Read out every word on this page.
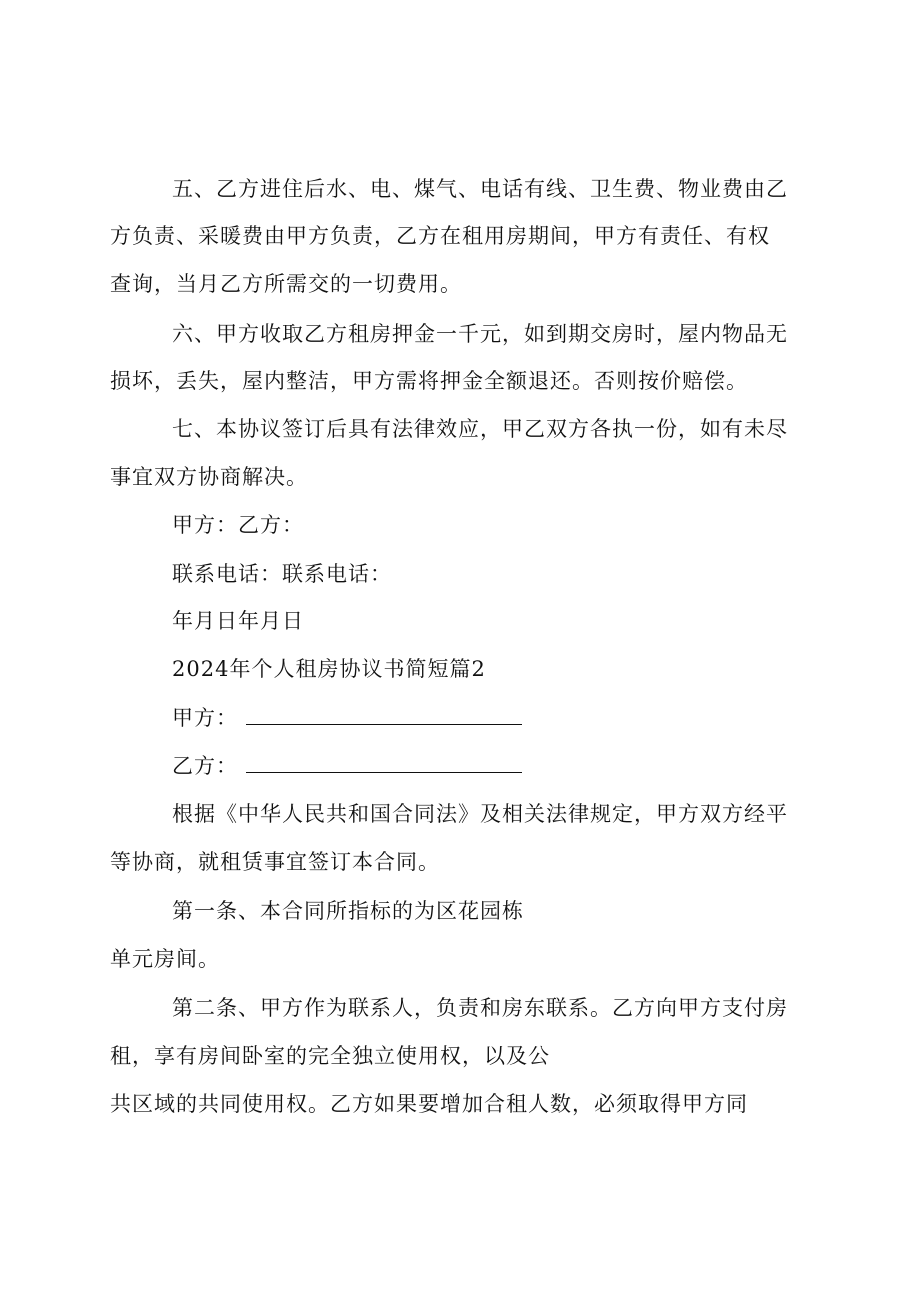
五、乙方进住后水、电、煤气、电话有线、卫生费、物业费由乙
方负责、采暖费由甲方负责，乙方在租用房期间，甲方有责任、有权
查询，当月乙方所需交的一切费用。
六、甲方收取乙方租房押金一千元，如到期交房时，屋内物品无
损坏，丢失，屋内整洁，甲方需将押金全额退还。否则按价赔偿。
七、本协议签订后具有法律效应，甲乙双方各执一份，如有未尽
事宜双方协商解决。
甲方：乙方：
联系电话：联系电话：
年月日年月日
2024年个人租房协议书简短篇2
甲方：
乙方：
根据《中华人民共和国合同法》及相关法律规定，甲方双方经平
等协商，就租赁事宜签订本合同。
第一条、本合同所指标的为区花园栋
单元房间。
第二条、甲方作为联系人，负责和房东联系。乙方向甲方支付房
租，享有房间卧室的完全独立使用权，以及公
共区域的共同使用权。乙方如果要增加合租人数，必须取得甲方同
